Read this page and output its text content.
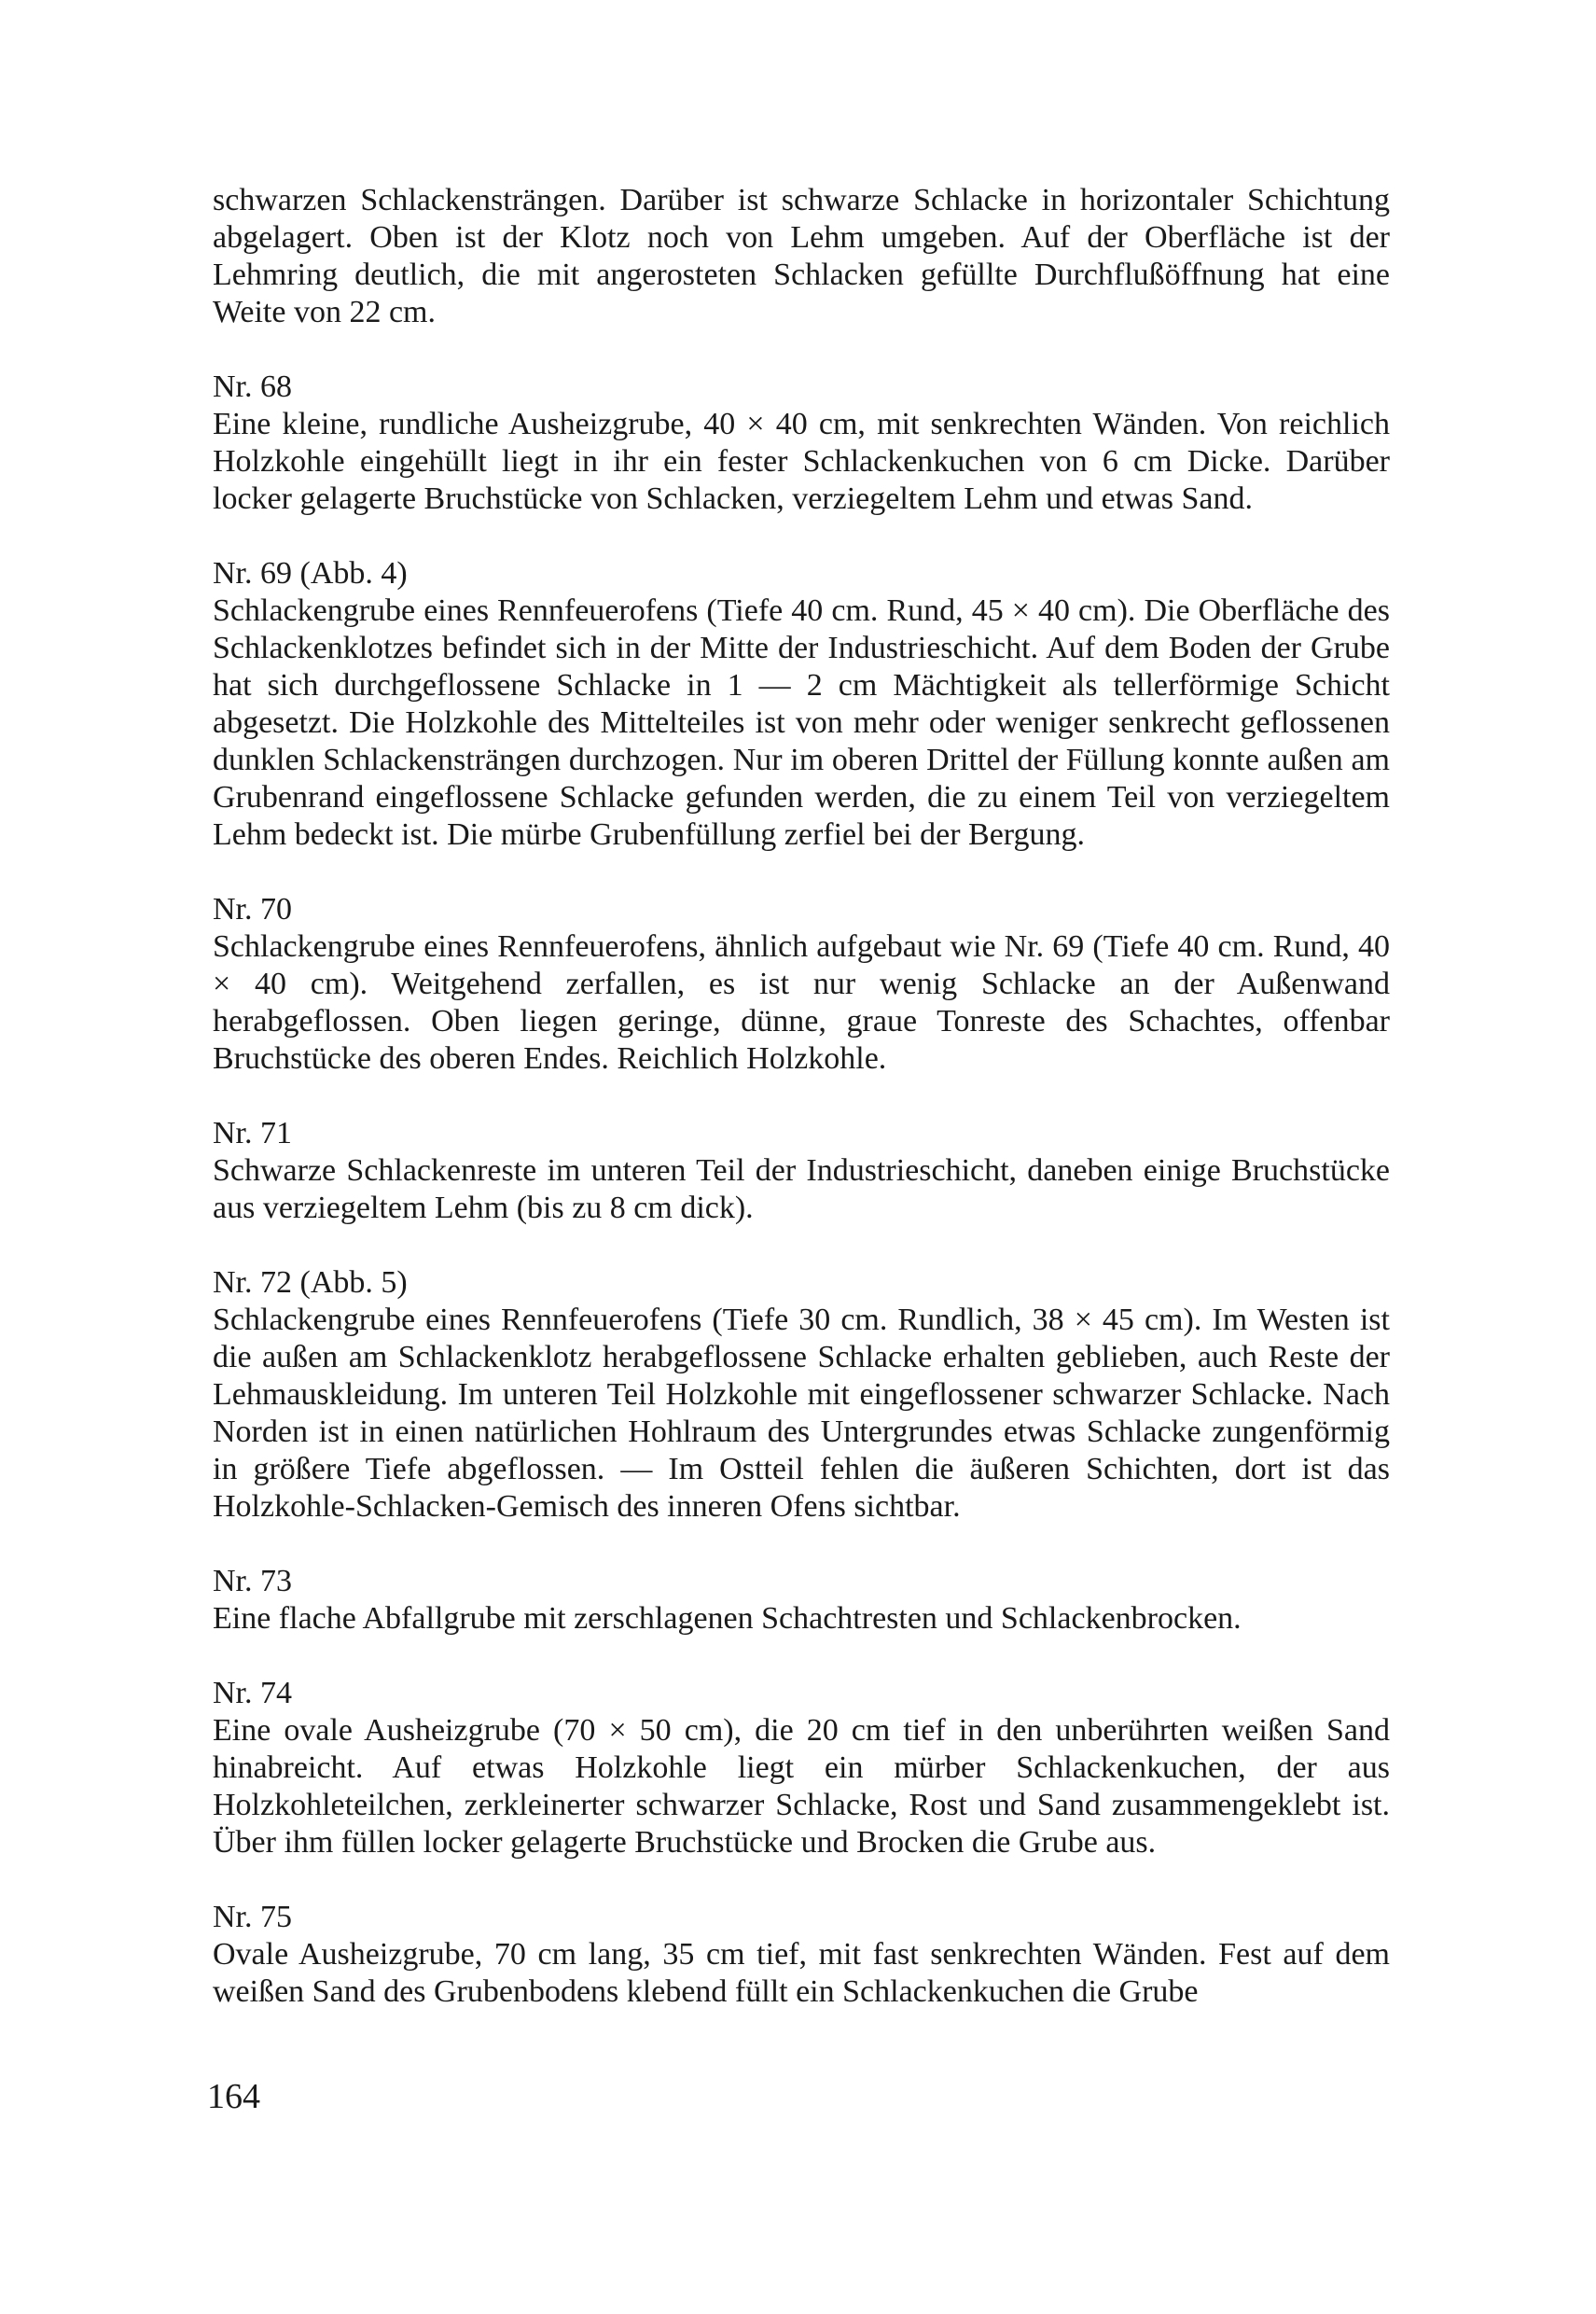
schwarzen Schlackensträngen. Darüber ist schwarze Schlacke in horizontaler Schichtung abgelagert. Oben ist der Klotz noch von Lehm umgeben. Auf der Oberfläche ist der Lehmring deutlich, die mit angerosteten Schlacken gefüllte Durchflußöffnung hat eine Weite von 22 cm.

Nr. 68

Eine kleine, rundliche Ausheizgrube, 40 × 40 cm, mit senkrechten Wänden. Von reichlich Holzkohle eingehüllt liegt in ihr ein fester Schlackenkuchen von 6 cm Dicke. Darüber locker gelagerte Bruchstücke von Schlacken, verziegeltem Lehm und etwas Sand.

Nr. 69 (Abb. 4)

Schlackengrube eines Rennfeuerofens (Tiefe 40 cm. Rund, 45 × 40 cm). Die Oberfläche des Schlackenklotzes befindet sich in der Mitte der Industrieschicht. Auf dem Boden der Grube hat sich durchgeflossene Schlacke in 1 — 2 cm Mächtigkeit als tellerförmige Schicht abgesetzt. Die Holzkohle des Mittelteiles ist von mehr oder weniger senkrecht geflossenen dunklen Schlackensträngen durchzogen. Nur im oberen Drittel der Füllung konnte außen am Grubenrand eingeflossene Schlacke gefunden werden, die zu einem Teil von verziegeltem Lehm bedeckt ist. Die mürbe Grubenfüllung zerfiel bei der Bergung.

Nr. 70

Schlackengrube eines Rennfeuerofens, ähnlich aufgebaut wie Nr. 69 (Tiefe 40 cm. Rund, 40 × 40 cm). Weitgehend zerfallen, es ist nur wenig Schlacke an der Außenwand herabgeflossen. Oben liegen geringe, dünne, graue Tonreste des Schachtes, offenbar Bruchstücke des oberen Endes. Reichlich Holzkohle.

Nr. 71

Schwarze Schlackenreste im unteren Teil der Industrieschicht, daneben einige Bruchstücke aus verziegeltem Lehm (bis zu 8 cm dick).

Nr. 72 (Abb. 5)

Schlackengrube eines Rennfeuerofens (Tiefe 30 cm. Rundlich, 38 × 45 cm). Im Westen ist die außen am Schlackenklotz herabgeflossene Schlacke erhalten geblieben, auch Reste der Lehmauskleidung. Im unteren Teil Holzkohle mit eingeflossener schwarzer Schlacke. Nach Norden ist in einen natürlichen Hohlraum des Untergrundes etwas Schlacke zungenförmig in größere Tiefe abgeflossen. — Im Ostteil fehlen die äußeren Schichten, dort ist das Holzkohle-Schlacken-Gemisch des inneren Ofens sichtbar.

Nr. 73

Eine flache Abfallgrube mit zerschlagenen Schachtresten und Schlackenbrocken.

Nr. 74

Eine ovale Ausheizgrube (70 × 50 cm), die 20 cm tief in den unberührten weißen Sand hinabreicht. Auf etwas Holzkohle liegt ein mürber Schlackenkuchen, der aus Holzkohleteilchen, zerkleinerter schwarzer Schlacke, Rost und Sand zusammengeklebt ist. Über ihm füllen locker gelagerte Bruchstücke und Brocken die Grube aus.

Nr. 75

Ovale Ausheizgrube, 70 cm lang, 35 cm tief, mit fast senkrechten Wänden. Fest auf dem weißen Sand des Grubenbodens klebend füllt ein Schlackenkuchen die Grube

164
